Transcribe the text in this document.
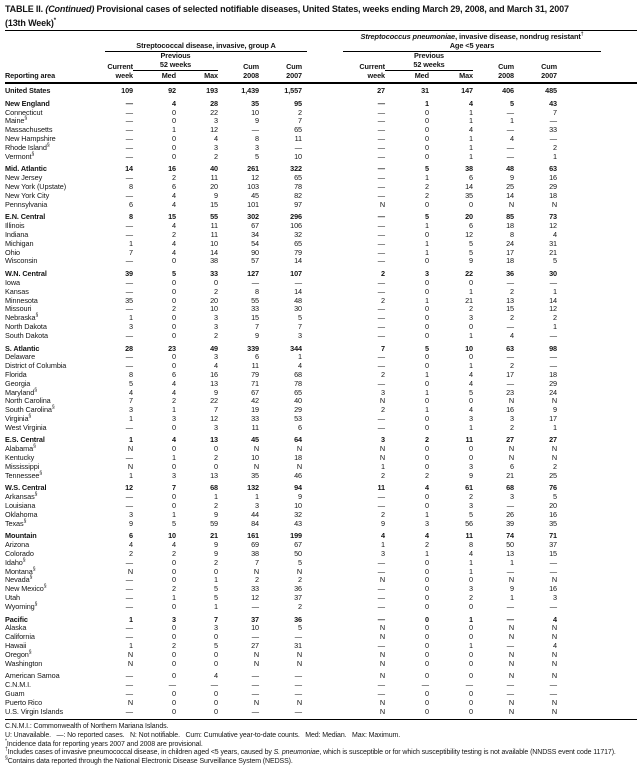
TABLE II. (Continued) Provisional cases of selected notifiable diseases, United States, weeks ending March 29, 2008, and March 31, 2007
(13th Week)*
Streptococcal disease, invasive, group A
Streptococcus pneumoniae, invasive disease, nondrug resistant†
Age <5 years
Current
Previous
52 weeks	Cum	Cum	Current
Previous
52 weeks	Cum	Cum
Reporting area	week	Med	Max	2008	2007	week	Med	Max	2008	2007
United States	109	92	193	1,439	1,557	27	31	147	406	485
New England	—	4	28	35	95	—	1	4	5	43
Connecticut	—	0	22	10	2	—	0	1	—	7
Maine§	—	0	3	9	7	—	0	1	1	—
Massachusetts	—	1	12	—	65	—	0	4	—	33
New Hampshire	—	0	4	8	11	—	0	1	4	—
Rhode Island§	—	0	3	3	—	—	0	1	—	2
Vermont§	—	0	2	5	10	—	0	1	—	1
Mid. Atlantic	14	16	40	261	322	—	5	38	48	63
New Jersey	—	2	11	12	65	—	1	6	9	16
New York (Upstate)	8	6	20	103	78	—	2	14	25	29
New York City	—	4	9	45	82	—	2	35	14	18
Pennsylvania	6	4	15	101	97	N	0	0	N	N
E.N. Central	8	15	55	302	296	—	5	20	85	73
Illinois	—	4	11	67	106	—	1	6	18	12
Indiana	—	2	11	34	32	—	0	12	8	4
Michigan	1	4	10	54	65	—	1	5	24	31
Ohio	7	4	14	90	79	—	1	5	17	21
Wisconsin	—	0	38	57	14	—	0	9	18	5
W.N. Central	39	5	33	127	107	2	3	22	36	30
Iowa	—	0	0	—	—	—	0	0	—	—
Kansas	—	0	2	8	14	—	0	1	2	1
Minnesota	35	0	20	55	48	2	1	21	13	14
Missouri	—	2	10	33	30	—	0	2	15	12
Nebraska§	1	0	3	15	5	—	0	3	2	2
North Dakota	3	0	3	7	7	—	0	0	—	1
South Dakota	—	0	2	9	3	—	0	1	4	—
S. Atlantic	28	23	49	339	344	7	5	10	63	98
Delaware	—	0	3	6	1	—	0	0	—	—
District of Columbia	—	0	4	11	4	—	0	1	2	—
Florida	8	6	16	79	68	2	1	4	17	18
Georgia	5	4	13	71	78	—	0	4	—	29
Maryland§	4	4	9	67	65	3	1	5	23	24
North Carolina	7	2	22	42	40	N	0	0	N	N
South Carolina§	3	1	7	19	29	2	1	4	16	9
Virginia§	1	3	12	33	53	—	0	3	3	17
West Virginia	—	0	3	11	6	—	0	1	2	1
E.S. Central	1	4	13	45	64	3	2	11	27	27
Alabama§	N	0	0	N	N	N	0	0	N	N
Kentucky	—	1	2	10	18	N	0	0	N	N
Mississippi	N	0	0	N	N	1	0	3	6	2
Tennessee§	1	3	13	35	46	2	2	9	21	25
W.S. Central	12	7	68	132	94	11	4	61	68	76
Arkansas§	—	0	1	1	9	—	0	2	3	5
Louisiana	—	0	2	3	10	—	0	3	—	20
Oklahoma	3	1	9	44	32	2	1	5	26	16
Texas§	9	5	59	84	43	9	3	56	39	35
Mountain	6	10	21	161	199	4	4	11	74	71
Arizona	4	4	9	69	67	1	2	8	50	37
Colorado	2	2	9	38	50	3	1	4	13	15
Idaho§	—	0	2	7	5	—	0	1	1	—
Montana§	N	0	0	N	N	—	0	1	—	—
Nevada§	—	0	1	2	2	N	0	0	N	N
New Mexico§	—	2	5	33	36	—	0	3	9	16
Utah	—	1	5	12	37	—	0	2	1	3
Wyoming§	—	0	1	—	2	—	0	0	—	—
Pacific	1	3	7	37	36	—	0	1	—	4
Alaska	—	0	3	10	5	N	0	0	N	N
California	—	0	0	—	—	N	0	0	N	N
Hawaii	1	2	5	27	31	—	0	1	—	4
Oregon§	N	0	0	N	N	N	0	0	N	N
Washington	N	0	0	N	N	N	0	0	N	N
American Samoa	—	0	4	—	—	N	0	0	N	N
C.N.M.I.	—	—	—	—	—	—	—	—	—	—
Guam	—	0	0	—	—	—	0	0	—	—
Puerto Rico	N	0	0	N	N	N	0	0	N	N
U.S. Virgin Islands	—	0	0	—	—	N	0	0	N	N
C.N.M.I.: Commonwealth of Northern Mariana Islands.
U: Unavailable.   —: No reported cases.   N: Not notifiable.   Cum: Cumulative year-to-date counts.   Med: Median.   Max: Maximum.
*Incidence data for reporting years 2007 and 2008 are provisional.
†Includes cases of invasive pneumococcal disease, in children aged <5 years, caused by S. pneumoniae, which is susceptible or for which susceptibility testing is not available (NNDSS event code 11717).
§Contains data reported through the National Electronic Disease Surveillance System (NEDSS).
